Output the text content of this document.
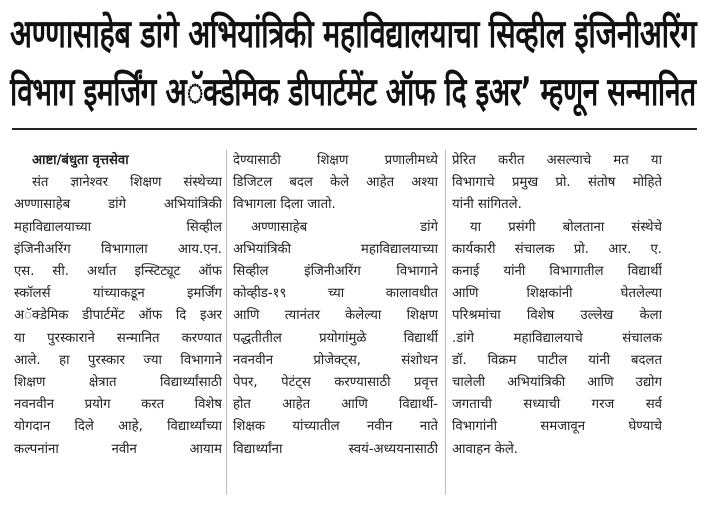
अण्णासाहेब डांगे अभियांत्रिकी महाविद्यालयाचा सिव्हील इंजिनीअरिंग
विभाग इमर्जिंग अॅक्डेमिक डीपार्टमेंट ऑफ दि इअर’ म्हणून सन्मानित
आष्टा/बंधुता वृत्तसेवा
संत ज्ञानेश्वर शिक्षण संस्थेच्या
अण्णासाहेब डांगे अभियांत्रिकी
महाविद्यालयाच्या सिव्हील
इंजिनीअरिंग विभागाला आय.एन.
एस. सी. अर्थात इन्स्टिट्यूट ऑफ
स्कॉलर्स यांच्याकडून इमर्जिंग
अॅक्डेमिक डीपार्टमेंट ऑफ दि इअर
या पुरस्काराने सन्मानित करण्यात
आले. हा पुरस्कार ज्या विभागाने
शिक्षण क्षेत्रात विद्यार्थ्यांसाठी
नवनवीन प्रयोग करत विशेष
योगदान दिले आहे, विद्यार्थ्यांच्या
कल्पनांना नवीन आयाम
देण्यासाठी शिक्षण प्रणालीमध्ये
डिजिटल बदल केले आहेत अश्या
विभागला दिला जातो.
अण्णासाहेब डांगे
अभियांत्रिकी महाविद्यालयाच्या
सिव्हील इंजिनीअरिंग विभागाने
कोव्हीड-१९ च्या कालावधीत
आणि त्यानंतर केलेल्या शिक्षण
पद्धतीतील प्रयोगांमुळे विद्यार्थी
नवनवीन प्रोजेक्ट्स, संशोधन
पेपर, पेटंट्स करण्यासाठी प्रवृत्त
होत आहेत आणि विद्यार्थी-
शिक्षक यांच्यातील नवीन नाते
विद्यार्थ्यांना स्वयं-अध्ययनासाठी
प्रेरित करीत असल्याचे मत या
विभागाचे प्रमुख प्रो. संतोष मोहिते
यांनी सांगितले.
या प्रसंगी बोलताना संस्थेचे
कार्यकारी संचालक प्रो. आर. ए.
कनाई यांनी विभागातील विद्यार्थी
आणि शिक्षकांनी घेतलेल्या
परिश्रमांचा विशेष उल्लेख केला
.डांगे महाविद्यालयाचे संचालक
डॉ. विक्रम पाटील यांनी बदलत
चालेली अभियांत्रिकी आणि उद्योग
जगताची सध्याची गरज सर्व
विभागांनी समजावून घेण्याचे
आवाहन केले.
